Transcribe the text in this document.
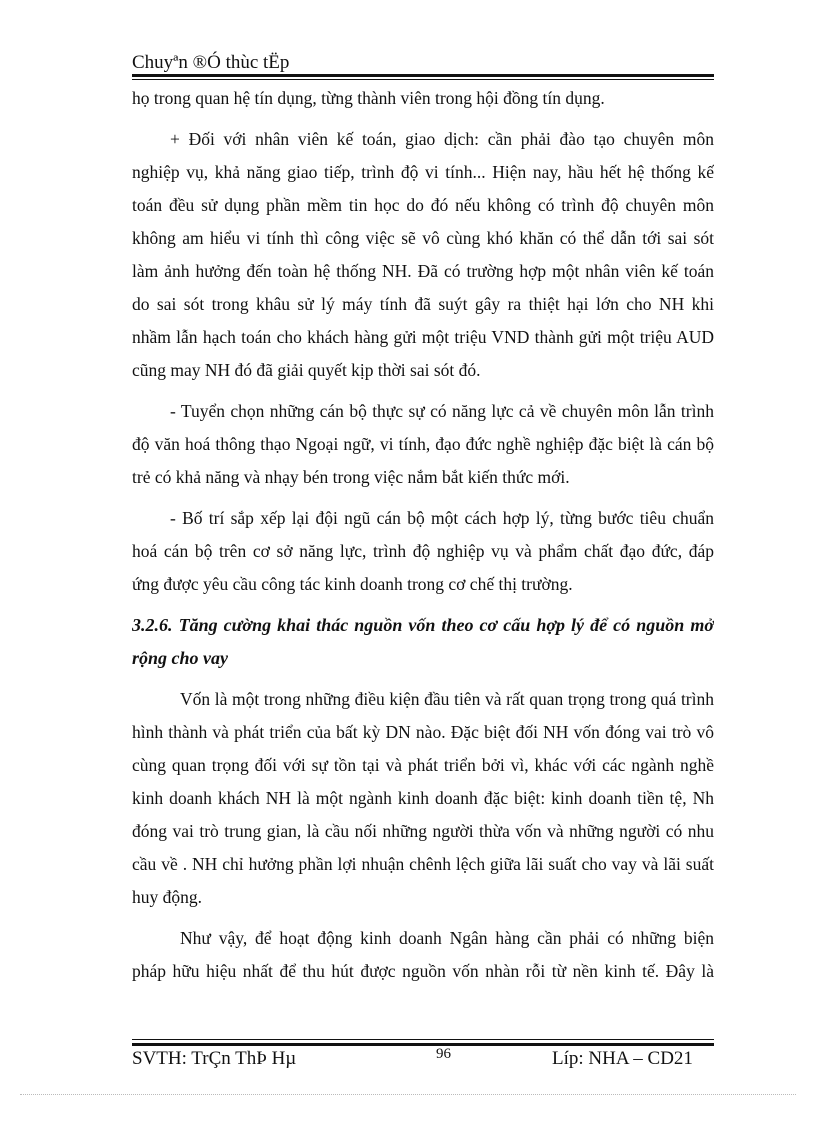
Chuyªn ®Ó thùc tËp
họ trong quan hệ tín dụng, từng thành viên trong hội đồng tín dụng.
+ Đối với nhân viên kế toán, giao dịch: cần phải đào tạo chuyên môn
nghiệp vụ, khả năng giao tiếp, trình độ vi tính... Hiện nay, hầu hết hệ thống kế
toán đều sử dụng phần mềm tin học do đó nếu không có trình độ chuyên môn
không am hiểu vi tính thì công việc sẽ vô cùng khó khăn có thể dẫn tới sai sót
làm ảnh hưởng đến toàn hệ thống NH. Đã có trường hợp một nhân viên kế toán
do sai sót trong khâu sử lý máy tính đã suýt gây ra thiệt hại lớn cho NH khi
nhầm lẫn hạch toán cho khách hàng gửi một triệu VND thành gửi một triệu AUD
cũng may NH đó đã giải quyết kịp thời sai sót đó.
- Tuyển chọn những cán bộ thực sự có năng lực cả về chuyên môn lẫn trình
độ văn hoá thông thạo Ngoại ngữ, vi tính, đạo đức nghề nghiệp đặc biệt là cán bộ
trẻ có khả năng và nhạy bén trong việc nắm bắt kiến thức mới.
- Bố trí sắp xếp lại đội ngũ cán bộ một cách hợp lý, từng bước tiêu chuẩn
hoá cán bộ trên cơ sở năng lực, trình độ nghiệp vụ và phẩm chất đạo đức, đáp
ứng được yêu cầu công tác kinh doanh trong cơ chế thị trường.
3.2.6. Tăng cường khai thác nguồn vốn theo cơ cấu hợp lý để có nguồn mở
rộng cho vay
Vốn là một trong những điều kiện đầu tiên và rất quan trọng trong quá trình
hình thành và phát triển của bất kỳ DN nào. Đặc biệt đối NH vốn đóng vai trò vô
cùng quan trọng đối với sự tồn tại và phát triển bởi vì, khác với các ngành nghề
kinh doanh khách NH là một ngành kinh doanh đặc biệt: kinh doanh tiền tệ, Nh
đóng vai trò trung gian, là cầu nối những người thừa vốn và những người có nhu
cầu về . NH chỉ hưởng phần lợi nhuận chênh lệch giữa lãi suất cho vay và lãi suất
huy động.
Như vậy, để hoạt động kinh doanh Ngân hàng cần phải có những biện
pháp hữu hiệu nhất để thu hút được nguồn vốn nhàn rỗi từ nền kinh tế. Đây là
SVTH: TrÇn ThÞ Hµ	96	Líp: NHA – CD21
